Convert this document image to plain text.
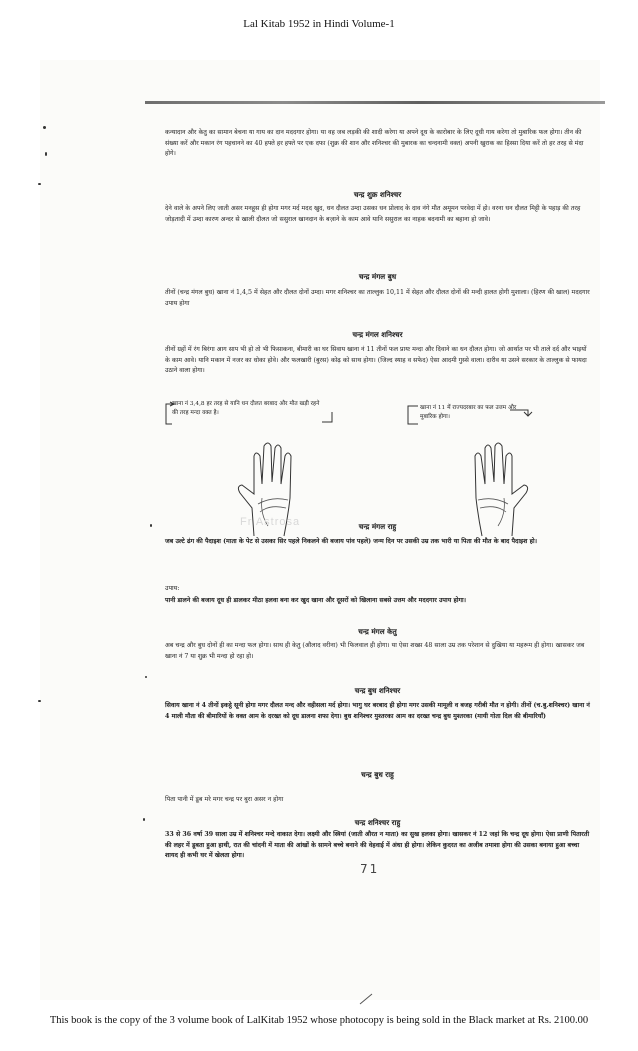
Lal Kitab 1952 in Hindi Volume-1
कन्यादान और केतु का सामान बेचना या गाय का दान मददगार होगा। या वह जब लड़की की शादी करेगा या अपने दूध के कारोबार के लिए दूधी गाय करेगा तो मुबारिक फल होगा। तीन की संख्या करें और मकान रंग पहचानने का 40 हफ्ते हर हफ्ते पर एक दफा (शुक्र की शान और शनिश्चर की मुबारक का चन्दनामी वक्त) अपनी खुराक का हिस्सा दिया करें तो हर तरह से मंदा होगे।
चन्द्र शुक्र शनिश्चर
देने वाले के अपने लिए जाती असर मनहूस ही होगा मगर मर्द मदद खुद, धन दौलत उम्दा उसका धन प्रोलाद के दाव नंगे मौत अमूमन परवेदा में हो। वरना धन दौलत मिट्टी के पहाड़ की तरह जोड़तादी में उम्दा कारण अन्दर से खाली दौलत जो ससुराल खानदान के बज़ाने के काम आवे यानि ससुराल का नाहक बदनामी का बहाना हो जावे।
चन्द्र मंगल बुध
तीनों (चन्द्र मंगल बुध) खाना नं 1,4,5 में सेहत और दौलत दोनों उम्दा। मगर शनिश्चर का ताल्लुक 10,11 में सेहत और दौलत दोनों की मन्दी हालत होगी मुशाला। (हिरण की खाल) मददगार उपाय होगा
चन्द्र मंगल शनिश्चर
तीनों ग्रहों में रंग बिरंगा आग साप भी हो तो भी फिसाकना, बीमारी का घर सिवाय खाना नं 11 तीनों फल प्रायः मन्दा और दिवाने का धन दौलत होगा। जो आर्थात पर भी ताले दर्द और भाइयों के काम आवे। यानि मकान में नजर का धोका होवे। और फलखारी (बुरस) कोढ़ को साथ होगा। (जिल्द स्याह व सफेद) ऐसा आदमी गुस्से वाला। दारीव या उसने सरकार के ताल्लुक से फायदा उठाने वाला होगा।
खाना नं 3,4,8 हर तरह से यानि धन दौलत बरबाद और मौत खड़ी रहने की तरह मन्दा वक्त है।
खाना नं 11 में राज्यदरबार का फल उत्तम और मुबारिक होगा।
Fr Astrosa	चन्द्र मंगल राहु
जब उल्टे ढंग की पैदाइश (माता के पेट से उसका सिर पहले निकलने की बजाय पांव पहले) जन्म दिन पर उसकी उम्र तक भारी या पिता की मौत के बाद पैदाइश हो।
उपाय:
पानी डालने की बजाय दूध ही डालकर मीठा हलवा बना कर खुद खाना और दूसरों को खिलाना सबसे उत्तम और मददगार उपाय होगा।
चन्द्र मंगल केतु
अब चन्द्र और बुध दोनों ही का मन्दा फल होगा। साथ ही केतु (औलाद वरीना) भी फिलवाल ही होगा। या ऐसा शख्स 48 साला उम्र तक परेशान से दुखिया या महरूम ही होगा। खासकर जब खाना नं 7 या शुक्र भी मन्दा हो रहा हो।
चन्द्र बुध शनिश्चर
सिवाय खाना नं 4 तीनों इकट्ठे सूनी होगा मगर दौलत मन्द और वहीसला मर्द होगा। भागु घर बरबाद ही होगा मगर उसकी मामूली व बजह गरीबी मौत न होगी। तीनों (च.बु.शनिश्चर) खाना नं 4 माली मौता की बीमारियों के वक्त आम के दरख्त को दूध डालना शफा देगा। बुध शनिश्चर मुश्तरका आम का दरख्त चन्द्र बुध मुश्तरका (मायी गोता दिल की बीमारियाँ)
चन्द्र बुध राहु
पिता पानी में डूब मरे मगर चन्द्र पर बुरा असर न होगा
चन्द्र शनिश्चर राहु
33 से 36 वर्षा 39 साला उम्र में शनिश्चर मन्दे वाकात देगा। लक्ष्मी और स्त्रियां (जाती औरत न माता) का सुख हलका होगा। खासकर नं 12 जहां कि चन्द्र दूध होगा। ऐसा प्राणी पितारती की लहर में डूबता हुआ हाथी, रात की चांदनी में माता की आंखों के सामने बच्चे बनाने की वेहवाई में अंधा ही होगा। लेकिन कुदरत का अजीब तमाशा होगा की उसका बनाया हुआ बच्चा शायद ही कभी घर में खेलता होगा।
71
This book is the copy of the 3 volume book of LalKitab 1952 whose photocopy is being sold in the Black market at Rs. 2100.00
